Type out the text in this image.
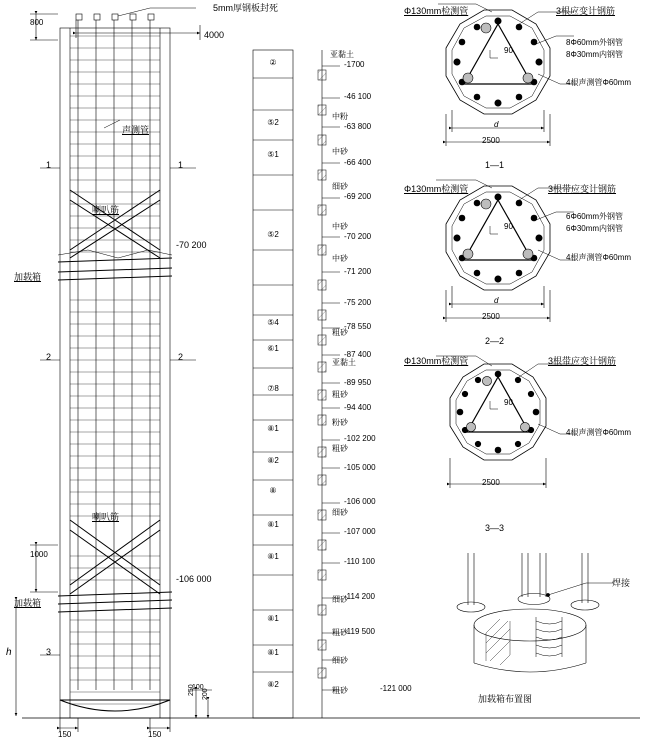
5mm厚钢板封死
4000
800
1000
h
声测管
喇叭筋
加载箱
喇叭筋
加载箱
1	1
2	2
3
-70 200
-106 000
150	150
250 200
100
②
⑤2
⑤1
⑤2
⑤4
⑥1
⑦8
⑧1
⑧2
⑧
⑧1
⑧1
⑧1
⑧1
⑧2
亚黏土
中粉
中砂
细砂
中砂
中砂
粗砂
亚黏土
粗砂
粉砂
粗砂
细砂
细砂
粗砂
细砂
粗砂
-1700
-46 100
-63 800
-66 400
-69 200
-70 200
-71 200
-75 200
-78 550
-87 400
-89 950
-94 400
-102 200
-105 000
-106 000
-107 000
-110 100
-114 200
-119 500
-121 000
Φ130mm检测管	3根应变计钢筋
8Φ60mm外钢管
8Φ30mm内钢管
4根声测管Φ60mm
90
d
2500
1—1
Φ130mm检测管	3根带应变计钢筋
6Φ60mm外钢管
6Φ30mm内钢管
4根声测管Φ60mm
90
d
2500
2—2
Φ130mm检测管	3根带应变计钢筋
4根声测管Φ60mm
90
2500
3—3
焊接
加载箱布置图
